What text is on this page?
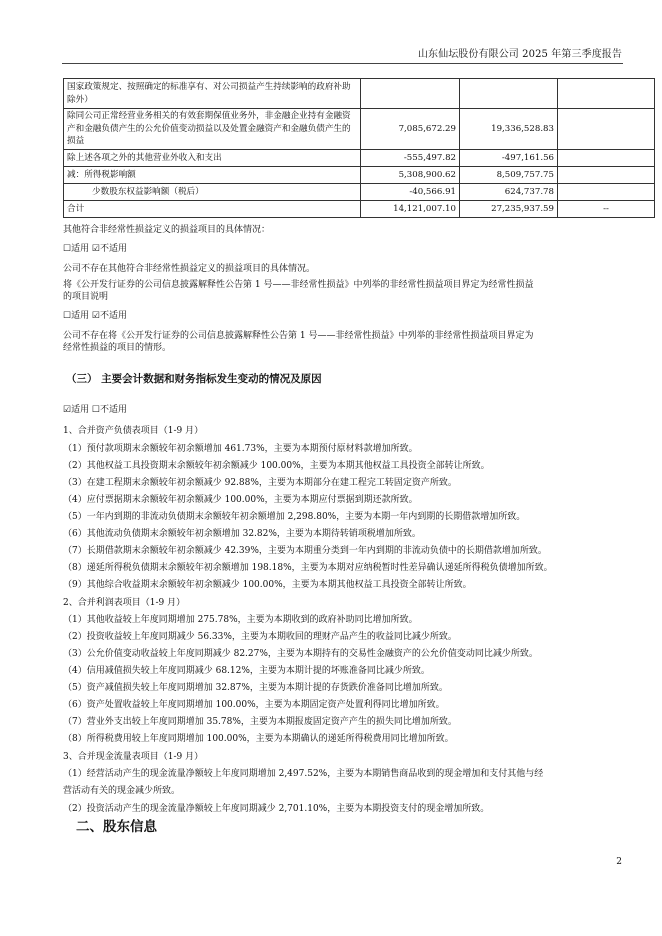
山东仙坛股份有限公司 2025 年第三季度报告
国家政策规定、按照确定的标准享有、对公司损益产生持续影响的政府补助除外）			
除同公司正常经营业务相关的有效套期保值业务外，非金融企业持有金融资产和金融负债产生的公允价值变动损益以及处置金融资产和金融负债产生的损益	7,085,672.29	19,336,528.83	
除上述各项之外的其他营业外收入和支出	-555,497.82	-497,161.56	
减：所得税影响额	5,308,900.62	8,509,757.75	
少数股东权益影响额（税后）	-40,566.91	624,737.78	
合计	14,121,007.10	27,235,937.59	--
其他符合非经常性损益定义的损益项目的具体情况：
☐适用 ☑不适用
公司不存在其他符合非经常性损益定义的损益项目的具体情况。
将《公开发行证券的公司信息披露解释性公告第 1 号——非经常性损益》中列举的非经常性损益项目界定为经常性损益
的项目说明
☐适用 ☑不适用
公司不存在将《公开发行证券的公司信息披露解释性公告第 1 号——非经常性损益》中列举的非经常性损益项目界定为
经常性损益的项目的情形。
（三） 主要会计数据和财务指标发生变动的情况及原因
☑适用 ☐不适用
1、合并资产负债表项目（1-9 月）
（1）预付款项期末余额较年初余额增加 461.73%，主要为本期预付原材料款增加所致。
（2）其他权益工具投资期末余额较年初余额减少 100.00%，主要为本期其他权益工具投资全部转让所致。
（3）在建工程期末余额较年初余额减少 92.88%，主要为本期部分在建工程完工转固定资产所致。
（4）应付票据期末余额较年初余额减少 100.00%，主要为本期应付票据到期还款所致。
（5）一年内到期的非流动负债期末余额较年初余额增加 2,298.80%，主要为本期一年内到期的长期借款增加所致。
（6）其他流动负债期末余额较年初余额增加 32.82%，主要为本期待转销项税增加所致。
（7）长期借款期末余额较年初余额减少 42.39%，主要为本期重分类到一年内到期的非流动负债中的长期借款增加所致。
（8）递延所得税负债期末余额较年初余额增加 198.18%，主要为本期对应纳税暂时性差异确认递延所得税负债增加所致。
（9）其他综合收益期末余额较年初余额减少 100.00%，主要为本期其他权益工具投资全部转让所致。
2、合并利润表项目（1-9 月）
（1）其他收益较上年度同期增加 275.78%，主要为本期收到的政府补助同比增加所致。
（2）投资收益较上年度同期减少 56.33%，主要为本期收回的理财产品产生的收益同比减少所致。
（3）公允价值变动收益较上年度同期减少 82.27%，主要为本期持有的交易性金融资产的公允价值变动同比减少所致。
（4）信用减值损失较上年度同期减少 68.12%，主要为本期计提的坏账准备同比减少所致。
（5）资产减值损失较上年度同期增加 32.87%，主要为本期计提的存货跌价准备同比增加所致。
（6）资产处置收益较上年度同期增加 100.00%，主要为本期固定资产处置利得同比增加所致。
（7）营业外支出较上年度同期增加 35.78%，主要为本期报废固定资产产生的损失同比增加所致。
（8）所得税费用较上年度同期增加 100.00%，主要为本期确认的递延所得税费用同比增加所致。
3、合并现金流量表项目（1-9 月）
（1）经营活动产生的现金流量净额较上年度同期增加 2,497.52%，主要为本期销售商品收到的现金增加和支付其他与经
营活动有关的现金减少所致。
（2）投资活动产生的现金流量净额较上年度同期减少 2,701.10%，主要为本期投资支付的现金增加所致。
二、股东信息
2
